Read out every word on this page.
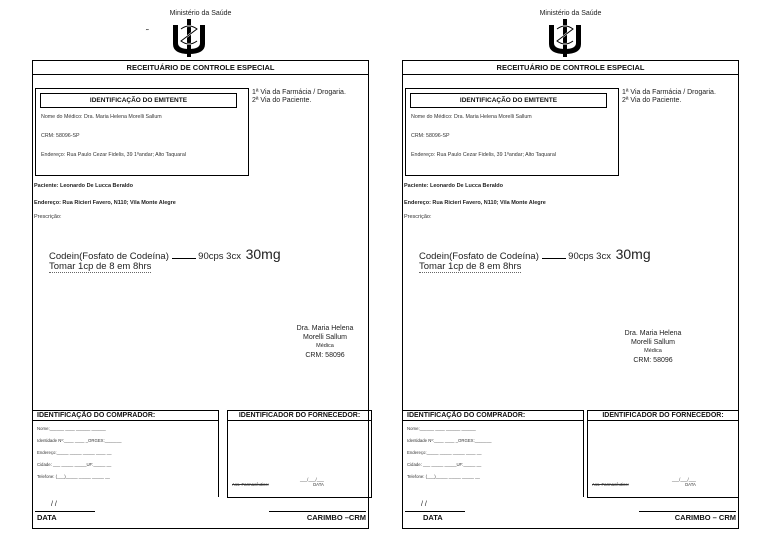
Ministério da Saúde
˜
RECEITUÁRIO DE CONTROLE ESPECIAL
IDENTIFICAÇÃO DO EMITENTE
Nome do Médico: Dra. Maria Helena Morelli Sallum
CRM: 58096-SP
Endereço: Rua Paulo Cezar Fidelis, 39 1ºandar; Alto Taquaral
1ª Via da Farmácia / Drogaria.
2ª Via do Paciente.
Paciente: Leonardo De Lucca Beraldo
Endereço: Rua Ricieri Favero, N110; Vila Monte Alegre
Prescrição:
Codein(Fosfato de Codeína)	90cps 3cx 30mg
Tomar 1cp de 8 em 8hrs
Dra. Maria Helena
Morelli Sallum
Médica
CRM: 58096
IDENTIFICAÇÃO DO COMPRADOR:
Nome:______ ____ ______ ______
Identidade Nº:____ ____ _ORGEX:_______
Endereço:_____ _____ _____ ____ __
Cidade: ___ _____ _____UF:_____ __
Telefone: (___)_____ _____ _____ __
IDENTIFICADOR DO FORNECEDOR:
Ass. Farmacêutico:
___/___/___
DATA
/ /
DATA	CARIMBO –CRM
Ministério da Saúde
RECEITUÁRIO DE CONTROLE ESPECIAL
IDENTIFICAÇÃO DO EMITENTE
Nome do Médico: Dra. Maria Helena Morelli Sallum
CRM: 58096-SP
Endereço: Rua Paulo Cezar Fidelis, 39 1ºandar; Alto Taquaral
1ª Via da Farmácia / Drogaria.
2ª Via do Paciente.
Paciente: Leonardo De Lucca Beraldo
Endereço: Rua Ricieri Favero, N110; Vila Monte Alegre
Prescrição:
Codein(Fosfato de Codeína)	90cps 3cx 30mg
Tomar 1cp de 8 em 8hrs
Dra. Maria Helena
Morelli Sallum
Médica
CRM: 58096
IDENTIFICAÇÃO DO COMPRADOR:
Nome:______ ____ ______ ______
Identidade Nº:____ ____ _ORGEX:_______
Endereço:_____ _____ _____ ____ __
Cidade: ___ _____ _____UF:_____ __
Telefone: (___)_____ _____ _____ __
IDENTIFICADOR DO FORNECEDOR:
Ass. Farmacêutico:
___/___/___
DATA
/ /
DATA	CARIMBO – CRM
